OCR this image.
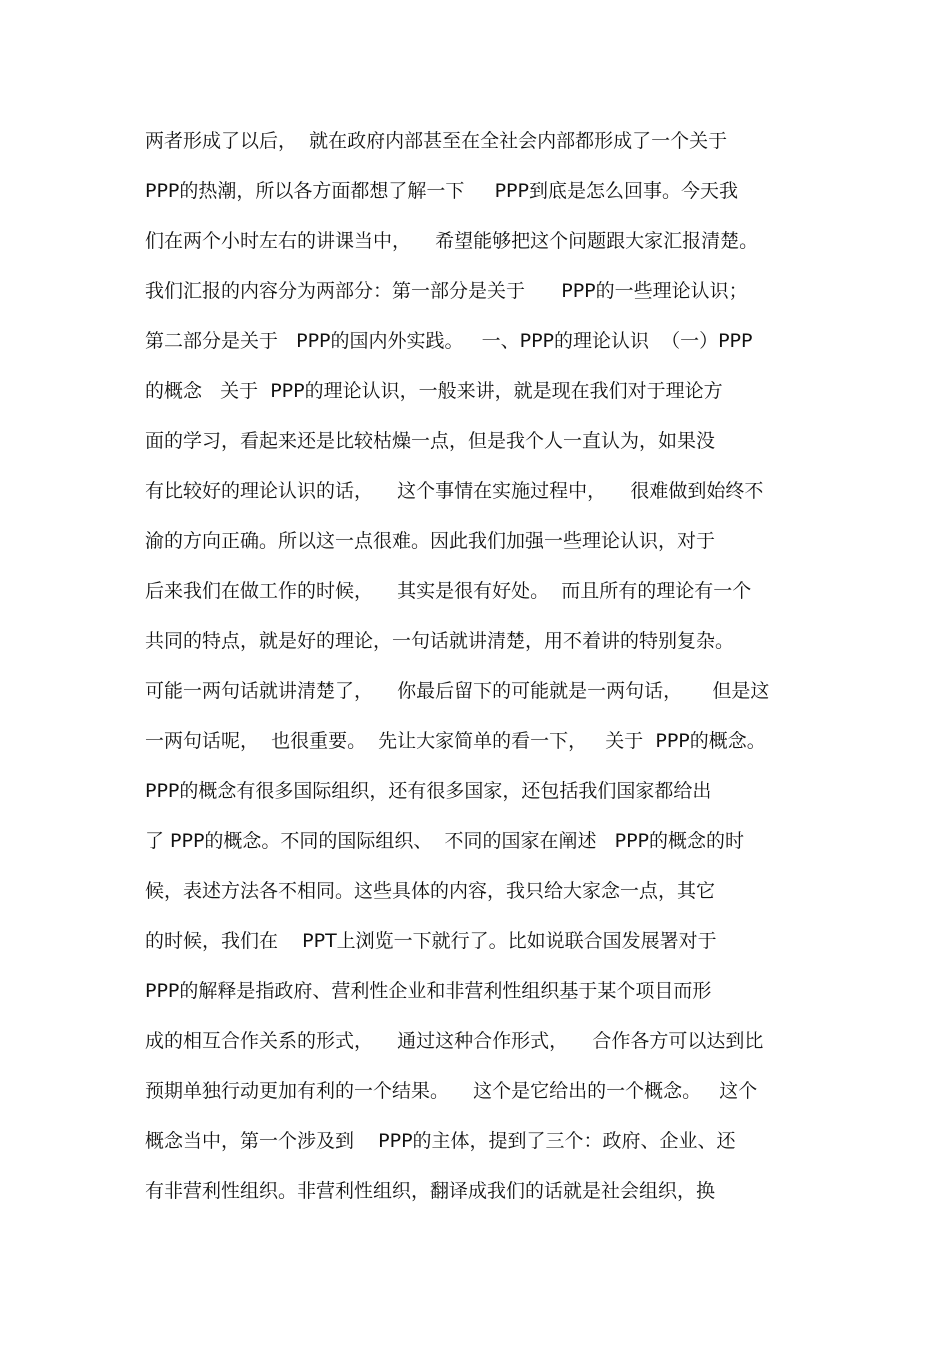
两者形成了以后，  就在政府内部甚至在全社会内部都形成了一个关于
PPP的热潮，所以各方面都想了解一下     PPP到底是怎么回事。今天我
们在两个小时左右的讲课当中，    希望能够把这个问题跟大家汇报清楚。
我们汇报的内容分为两部分：第一部分是关于      PPP的一些理论认识；
第二部分是关于   PPP的国内外实践。   一、PPP的理论认识  （一）PPP
的概念   关于  PPP的理论认识，一般来讲，就是现在我们对于理论方
面的学习，看起来还是比较枯燥一点，但是我个人一直认为，如果没
有比较好的理论认识的话，    这个事情在实施过程中，    很难做到始终不
渝的方向正确。所以这一点很难。因此我们加强一些理论认识，对于
后来我们在做工作的时候，    其实是很有好处。  而且所有的理论有一个
共同的特点，就是好的理论，一句话就讲清楚，用不着讲的特别复杂。
可能一两句话就讲清楚了，    你最后留下的可能就是一两句话，     但是这
一两句话呢，  也很重要。  先让大家简单的看一下，   关于  PPP的概念。
PPP的概念有很多国际组织，还有很多国家，还包括我们国家都给出
了 PPP的概念。不同的国际组织、  不同的国家在阐述   PPP的概念的时
候，表述方法各不相同。这些具体的内容，我只给大家念一点，其它
的时候，我们在    PPT上浏览一下就行了。比如说联合国发展署对于
PPP的解释是指政府、营利性企业和非营利性组织基于某个项目而形
成的相互合作关系的形式，    通过这种合作形式，    合作各方可以达到比
预期单独行动更加有利的一个结果。    这个是它给出的一个概念。   这个
概念当中，第一个涉及到    PPP的主体，提到了三个：政府、企业、还
有非营利性组织。非营利性组织，翻译成我们的话就是社会组织，换
